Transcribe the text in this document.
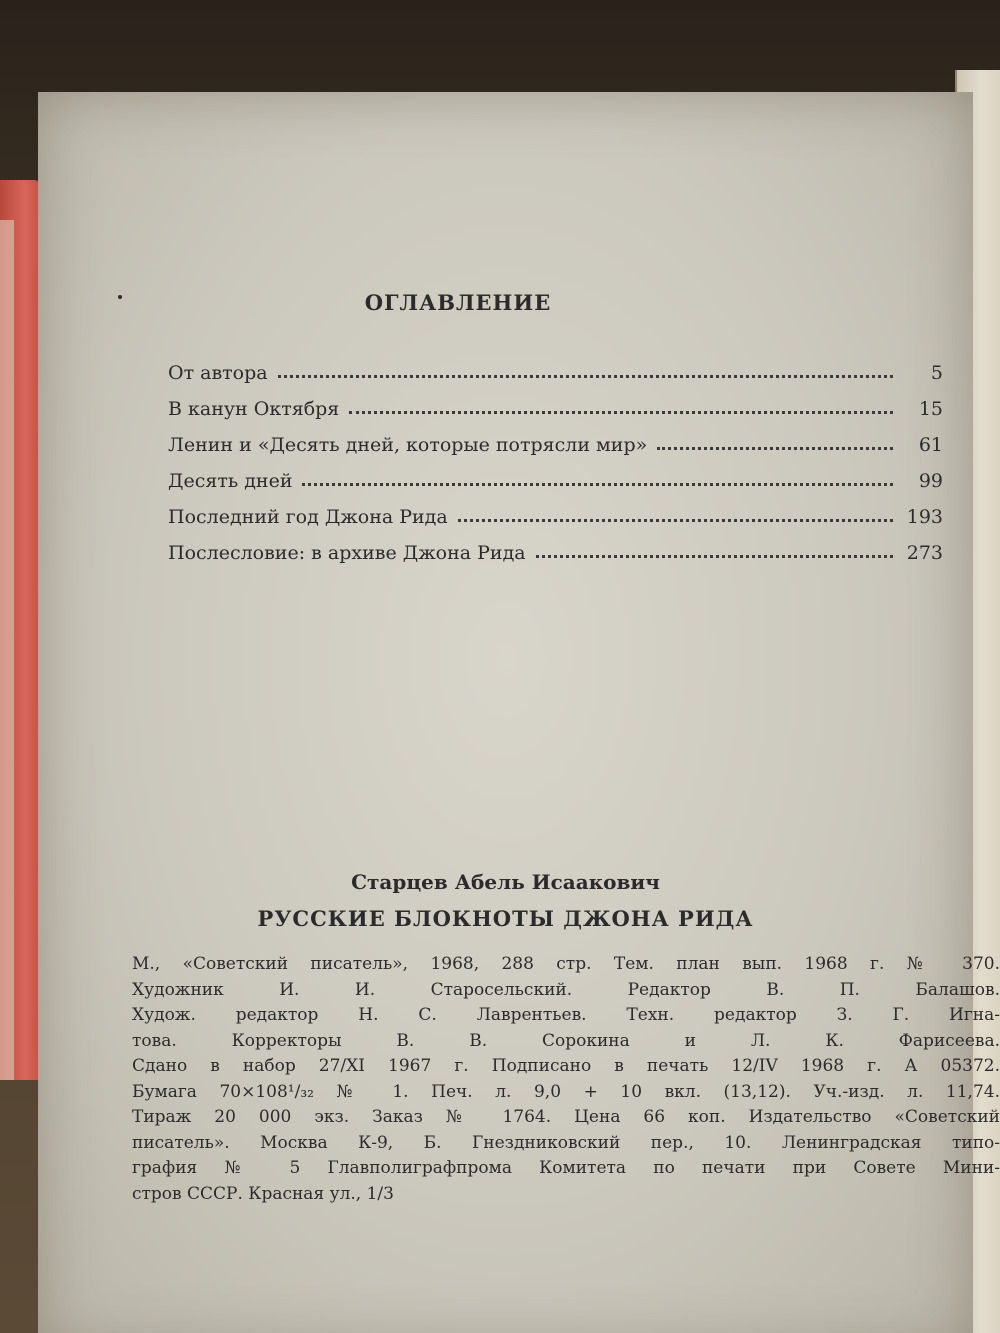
ОГЛАВЛЕНИЕ
От автора	5
В канун Октября	15
Ленин и «Десять дней, которые потрясли мир»	61
Десять дней	99
Последний год Джона Рида	193
Послесловие: в архиве Джона Рида	273
Старцев Абель Исаакович
РУССКИЕ БЛОКНОТЫ ДЖОНА РИДА
М., «Советский писатель», 1968, 288 стр. Тем. план вып. 1968 г. № 370.
Художник И. И. Старосельский. Редактор В. П. Балашов.
Худож. редактор Н. С. Лаврентьев. Техн. редактор З. Г. Игна-
това. Корректоры В. В. Сорокина и Л. К. Фарисеева.
Сдано в набор 27/XI 1967 г. Подписано в печать 12/IV 1968 г. А 05372.
Бумага 70×108¹/₃₂ № 1. Печ. л. 9,0 + 10 вкл. (13,12). Уч.-изд. л. 11,74.
Тираж 20 000 экз. Заказ № 1764. Цена 66 коп. Издательство «Советский
писатель». Москва К-9, Б. Гнездниковский пер., 10. Ленинградская типо-
графия № 5 Главполиграфпрома Комитета по печати при Совете Мини-
стров СССР. Красная ул., 1/3
